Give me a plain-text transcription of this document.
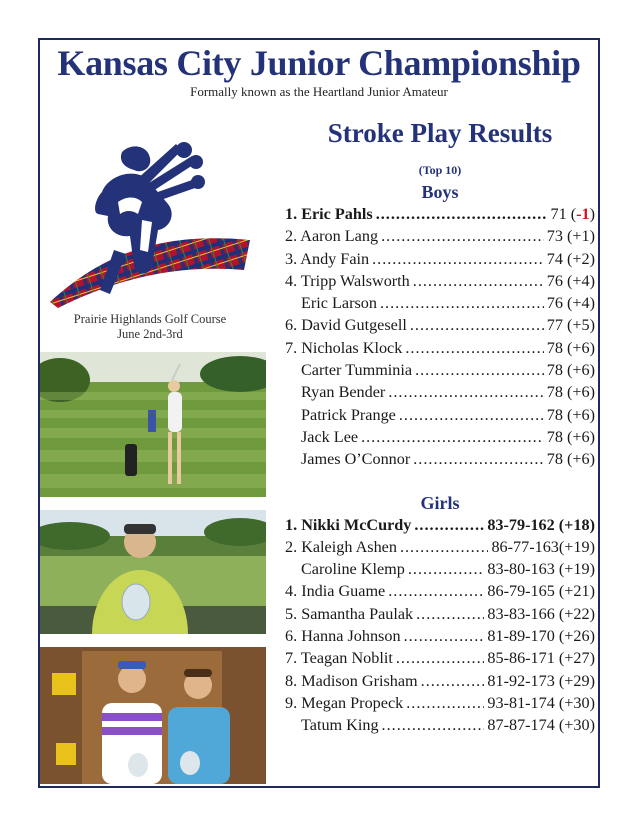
Kansas City Junior Championship
Formally known as the Heartland Junior Amateur
Prairie Highlands Golf Course
June 2nd-3rd
Stroke Play Results
(Top 10)
Boys
1. Eric Pahls .....	71 (-1)
2. Aaron Lang .....	73 (+1)
3. Andy Fain .....	74 (+2)
4. Tripp Walsworth .....	76 (+4)
Eric Larson .....	76 (+4)
6. David Gutgesell .....	77 (+5)
7. Nicholas Klock .....	78 (+6)
Carter Tumminia .....	78 (+6)
Ryan Bender .....	78 (+6)
Patrick Prange .....	78 (+6)
Jack Lee .....	78 (+6)
James O’Connor .....	78 (+6)
Girls
1. Nikki McCurdy .....	83-79-162 (+18)
2. Kaleigh Ashen .....	86-77-163(+19)
Caroline Klemp .....	83-80-163 (+19)
4. India Guame .....	86-79-165 (+21)
5. Samantha Paulak .....	83-83-166 (+22)
6. Hanna Johnson .....	81-89-170 (+26)
7. Teagan Noblit .....	85-86-171 (+27)
8. Madison Grisham .....	81-92-173 (+29)
9. Megan Propeck .....	93-81-174 (+30)
Tatum King .....	87-87-174 (+30)
